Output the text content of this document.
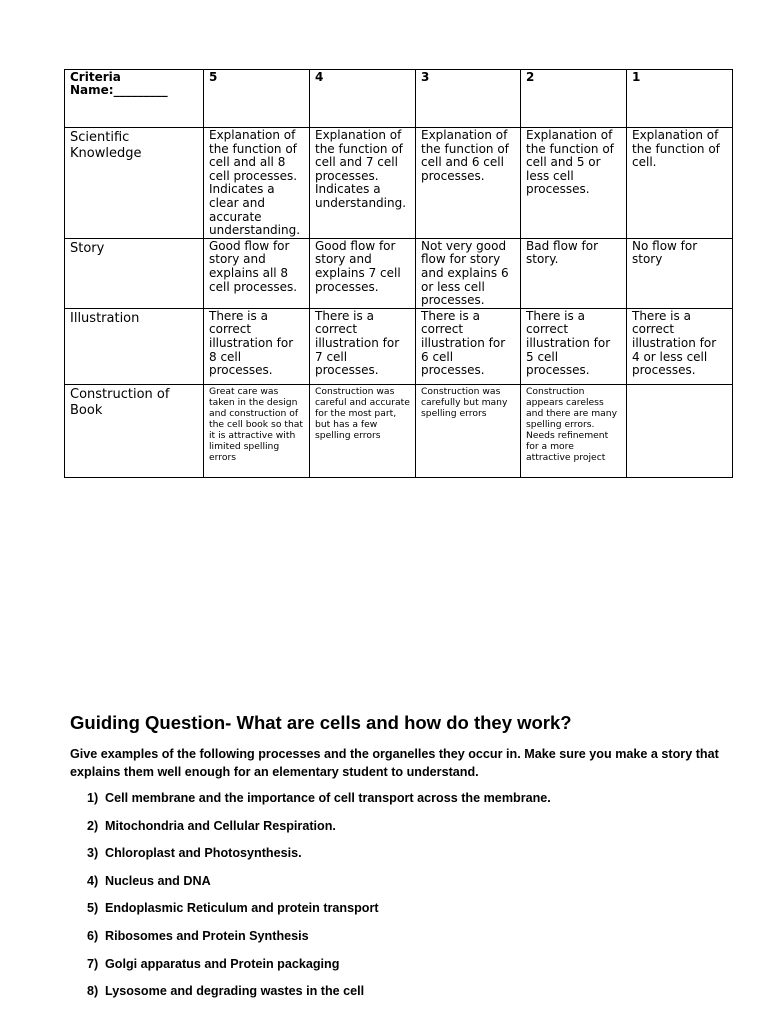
Criteria
Name:_________	5	4	3	2	1
Scientific Knowledge	Explanation of the function of cell and all 8 cell processes. Indicates a clear and accurate understanding.	Explanation of the function of cell and 7 cell processes. Indicates a understanding.	Explanation of the function of cell and 6 cell processes.	Explanation of the function of cell and 5 or less cell processes.	Explanation of the function of cell.
Story	Good flow for story and explains all 8 cell processes.	Good flow for story and explains 7 cell processes.	Not very good flow for story and explains 6 or less cell processes.	Bad flow for story.	No flow for story
Illustration	There is a correct illustration for 8 cell processes.	There is a correct illustration for 7 cell processes.	There is a correct illustration for 6 cell processes.	There is a correct illustration for 5 cell processes.	There is a correct illustration for 4 or less cell processes.
Construction of Book	Great care was taken in the design and construction of the cell book so that it is attractive with limited spelling errors	Construction was careful and accurate for the most part, but has a few spelling errors	Construction was carefully but many spelling errors	Construction appears careless and there are many spelling errors. Needs refinement for a more attractive project	
Guiding Question- What are cells and how do they work?

Give examples of the following processes and the organelles they occur in. Make sure you make a story that explains them well enough for an elementary student to understand.

1) Cell membrane and the importance of cell transport across the membrane.
2) Mitochondria and Cellular Respiration.
3) Chloroplast and Photosynthesis.
4) Nucleus and DNA
5) Endoplasmic Reticulum and protein transport
6) Ribosomes and Protein Synthesis
7) Golgi apparatus and Protein packaging
8) Lysosome and degrading wastes in the cell
